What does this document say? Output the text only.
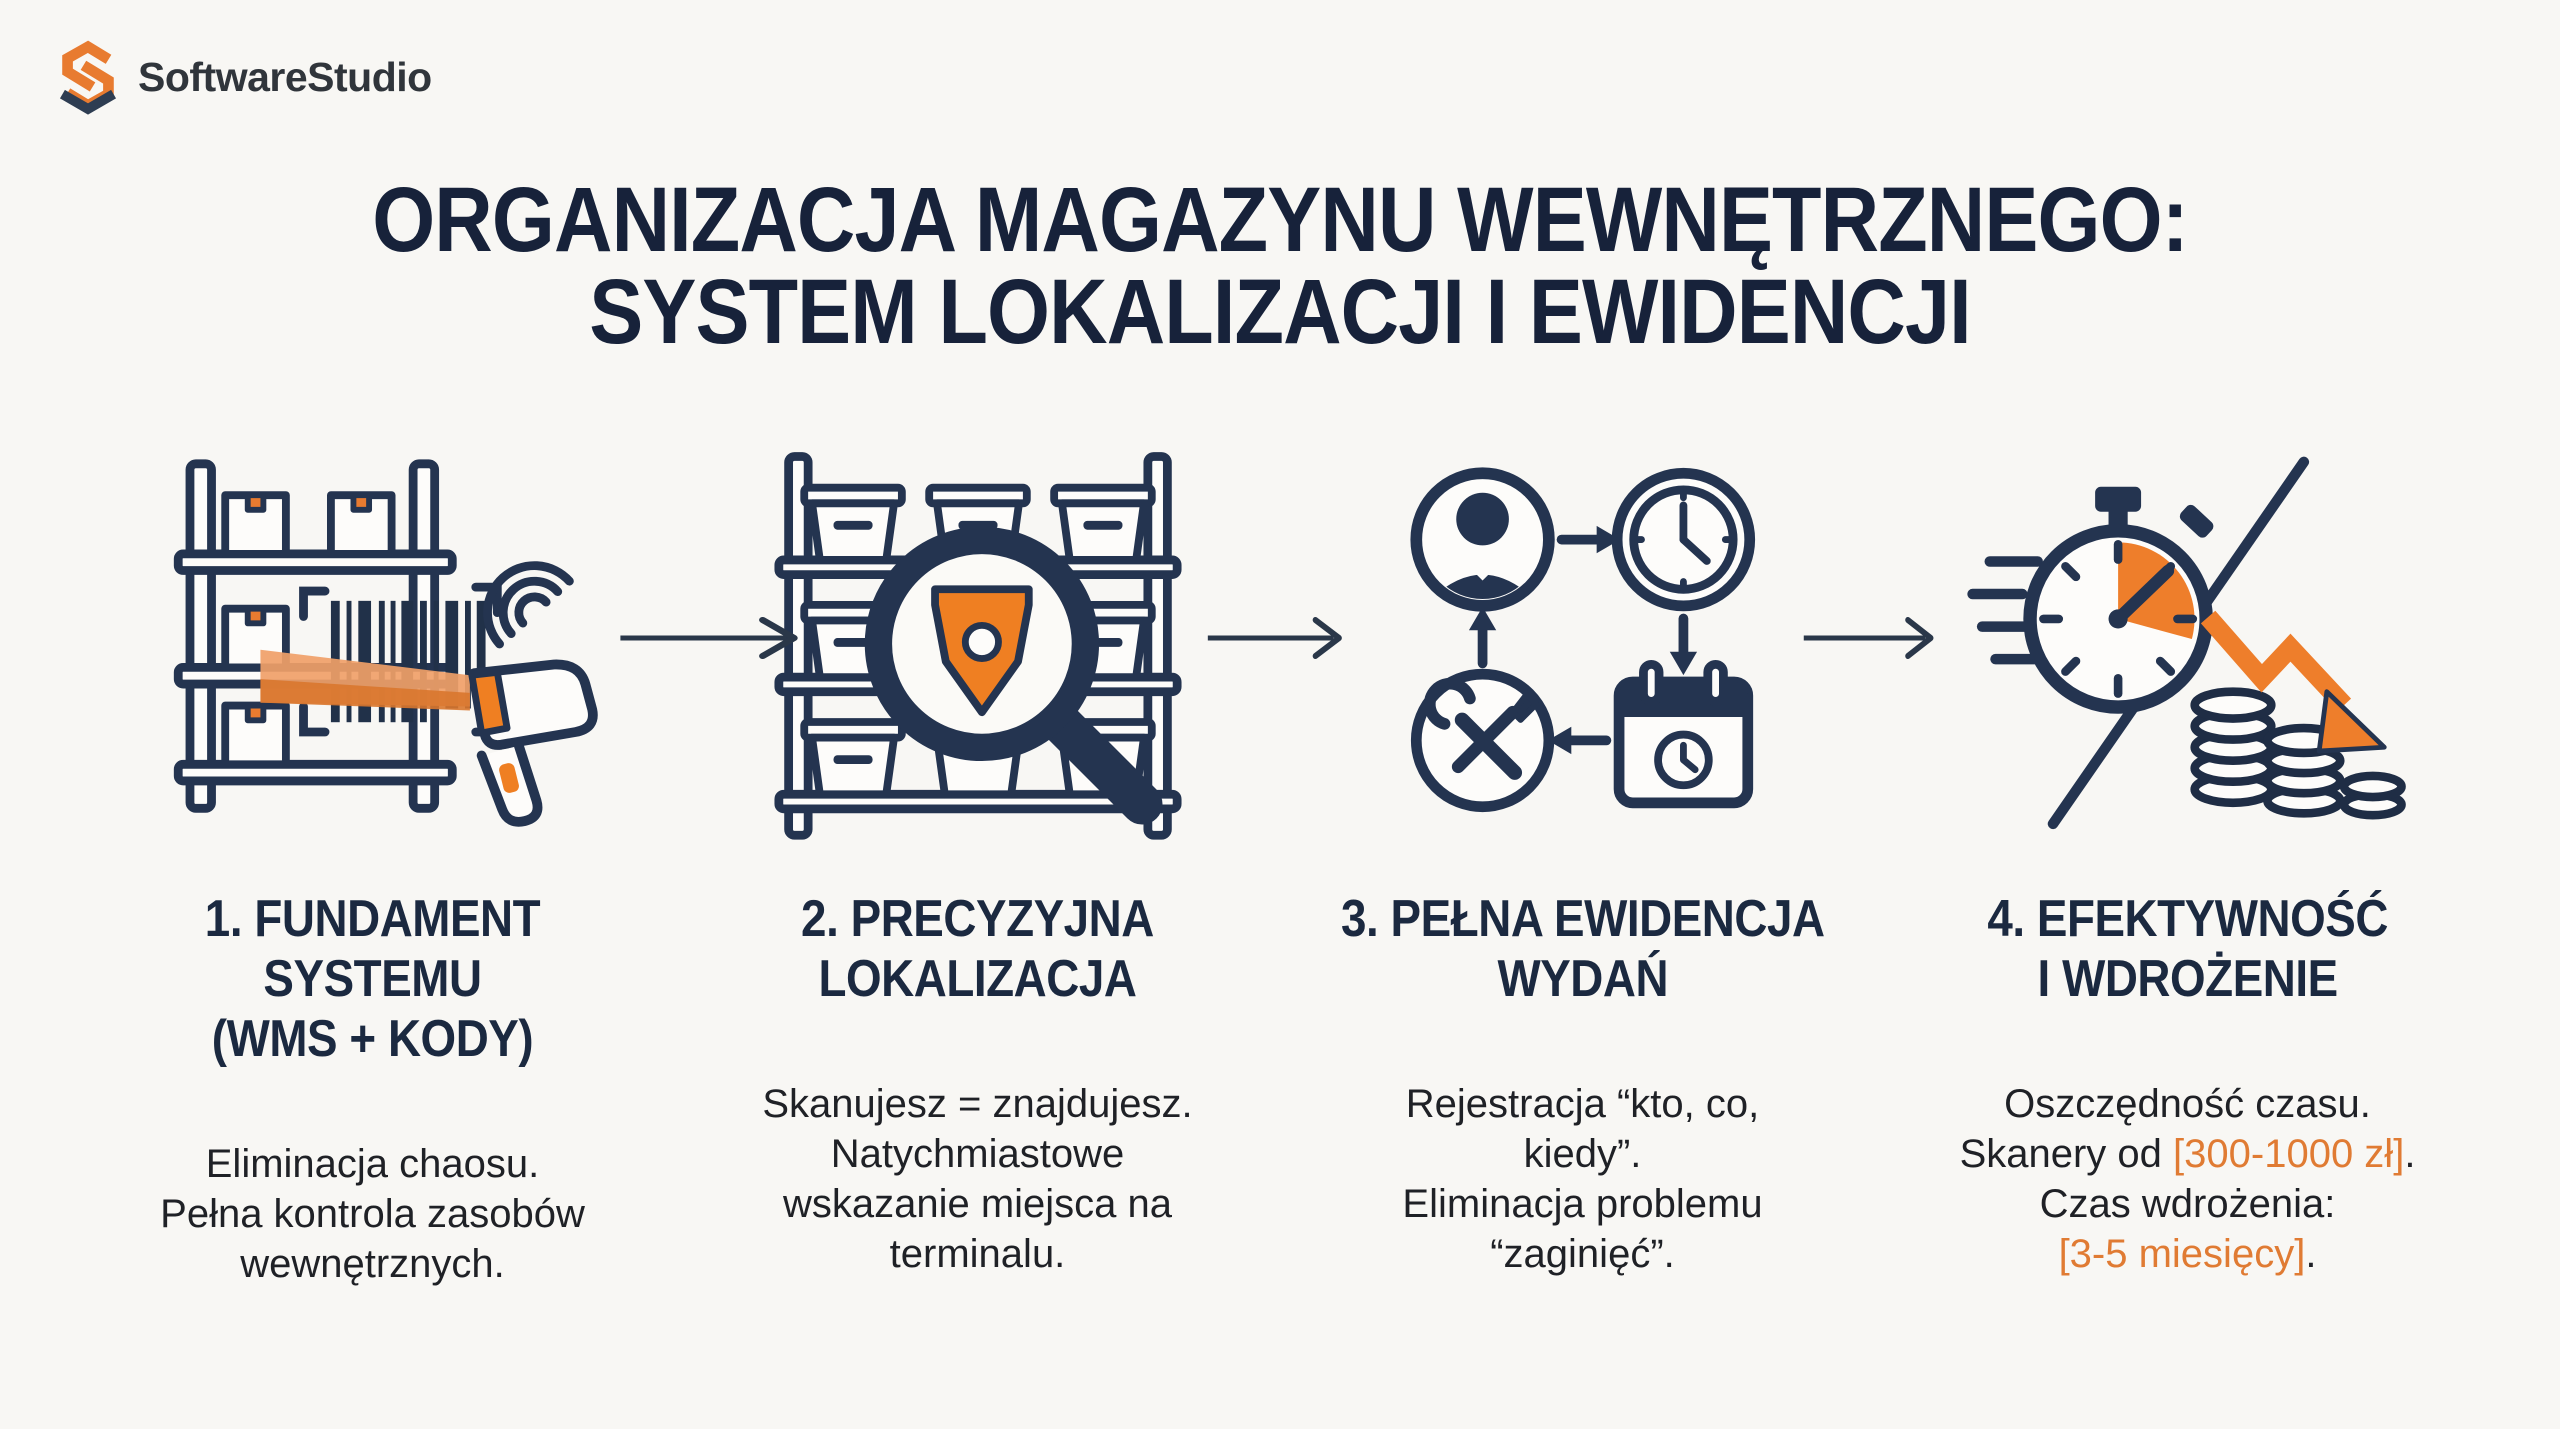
SoftwareStudio
ORGANIZACJA MAGAZYNU WEWNĘTRZNEGO:
SYSTEM LOKALIZACJI I EWIDENCJI
1. FUNDAMENT SYSTEMU
(WMS + KODY)

Eliminacja chaosu.
Pełna kontrola zasobów
wewnętrznych.

2. PRECYZYJNA
LOKALIZACJA

Skanujesz = znajdujesz.
Natychmiastowe
wskazanie miejsca na
terminalu.

3. PEŁNA EWIDENCJA
WYDAŃ

Rejestracja “kto, co,
kiedy”.
Eliminacja problemu
“zaginięć”.

4. EFEKTYWNOŚĆ
I WDROŻENIE

Oszczędność czasu.
Skanery od [300-1000 zł].
Czas wdrożenia:
[3-5 miesięcy].
